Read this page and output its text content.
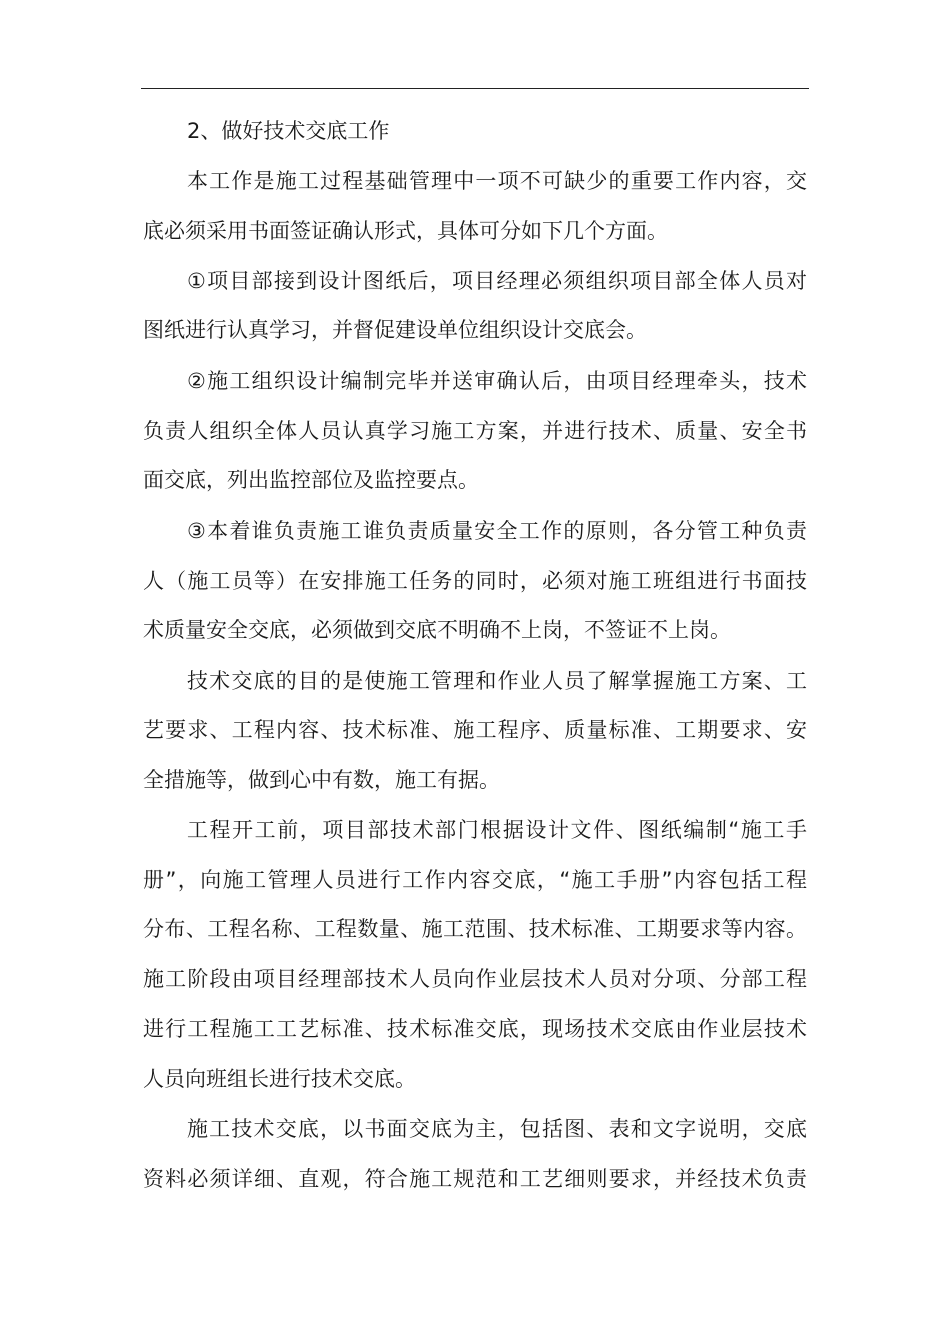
2、做好技术交底工作
本工作是施工过程基础管理中一项不可缺少的重要工作内容，交
底必须采用书面签证确认形式，具体可分如下几个方面。
①项目部接到设计图纸后，项目经理必须组织项目部全体人员对
图纸进行认真学习，并督促建设单位组织设计交底会。
②施工组织设计编制完毕并送审确认后，由项目经理牵头，技术
负责人组织全体人员认真学习施工方案，并进行技术、质量、安全书
面交底，列出监控部位及监控要点。
③本着谁负责施工谁负责质量安全工作的原则，各分管工种负责
人（施工员等）在安排施工任务的同时，必须对施工班组进行书面技
术质量安全交底，必须做到交底不明确不上岗，不签证不上岗。
技术交底的目的是使施工管理和作业人员了解掌握施工方案、工
艺要求、工程内容、技术标准、施工程序、质量标准、工期要求、安
全措施等，做到心中有数，施工有据。
工程开工前，项目部技术部门根据设计文件、图纸编制“施工手
册”，向施工管理人员进行工作内容交底，“施工手册”内容包括工程
分布、工程名称、工程数量、施工范围、技术标准、工期要求等内容。
施工阶段由项目经理部技术人员向作业层技术人员对分项、分部工程
进行工程施工工艺标准、技术标准交底，现场技术交底由作业层技术
人员向班组长进行技术交底。
施工技术交底，以书面交底为主，包括图、表和文字说明，交底
资料必须详细、直观，符合施工规范和工艺细则要求，并经技术负责
